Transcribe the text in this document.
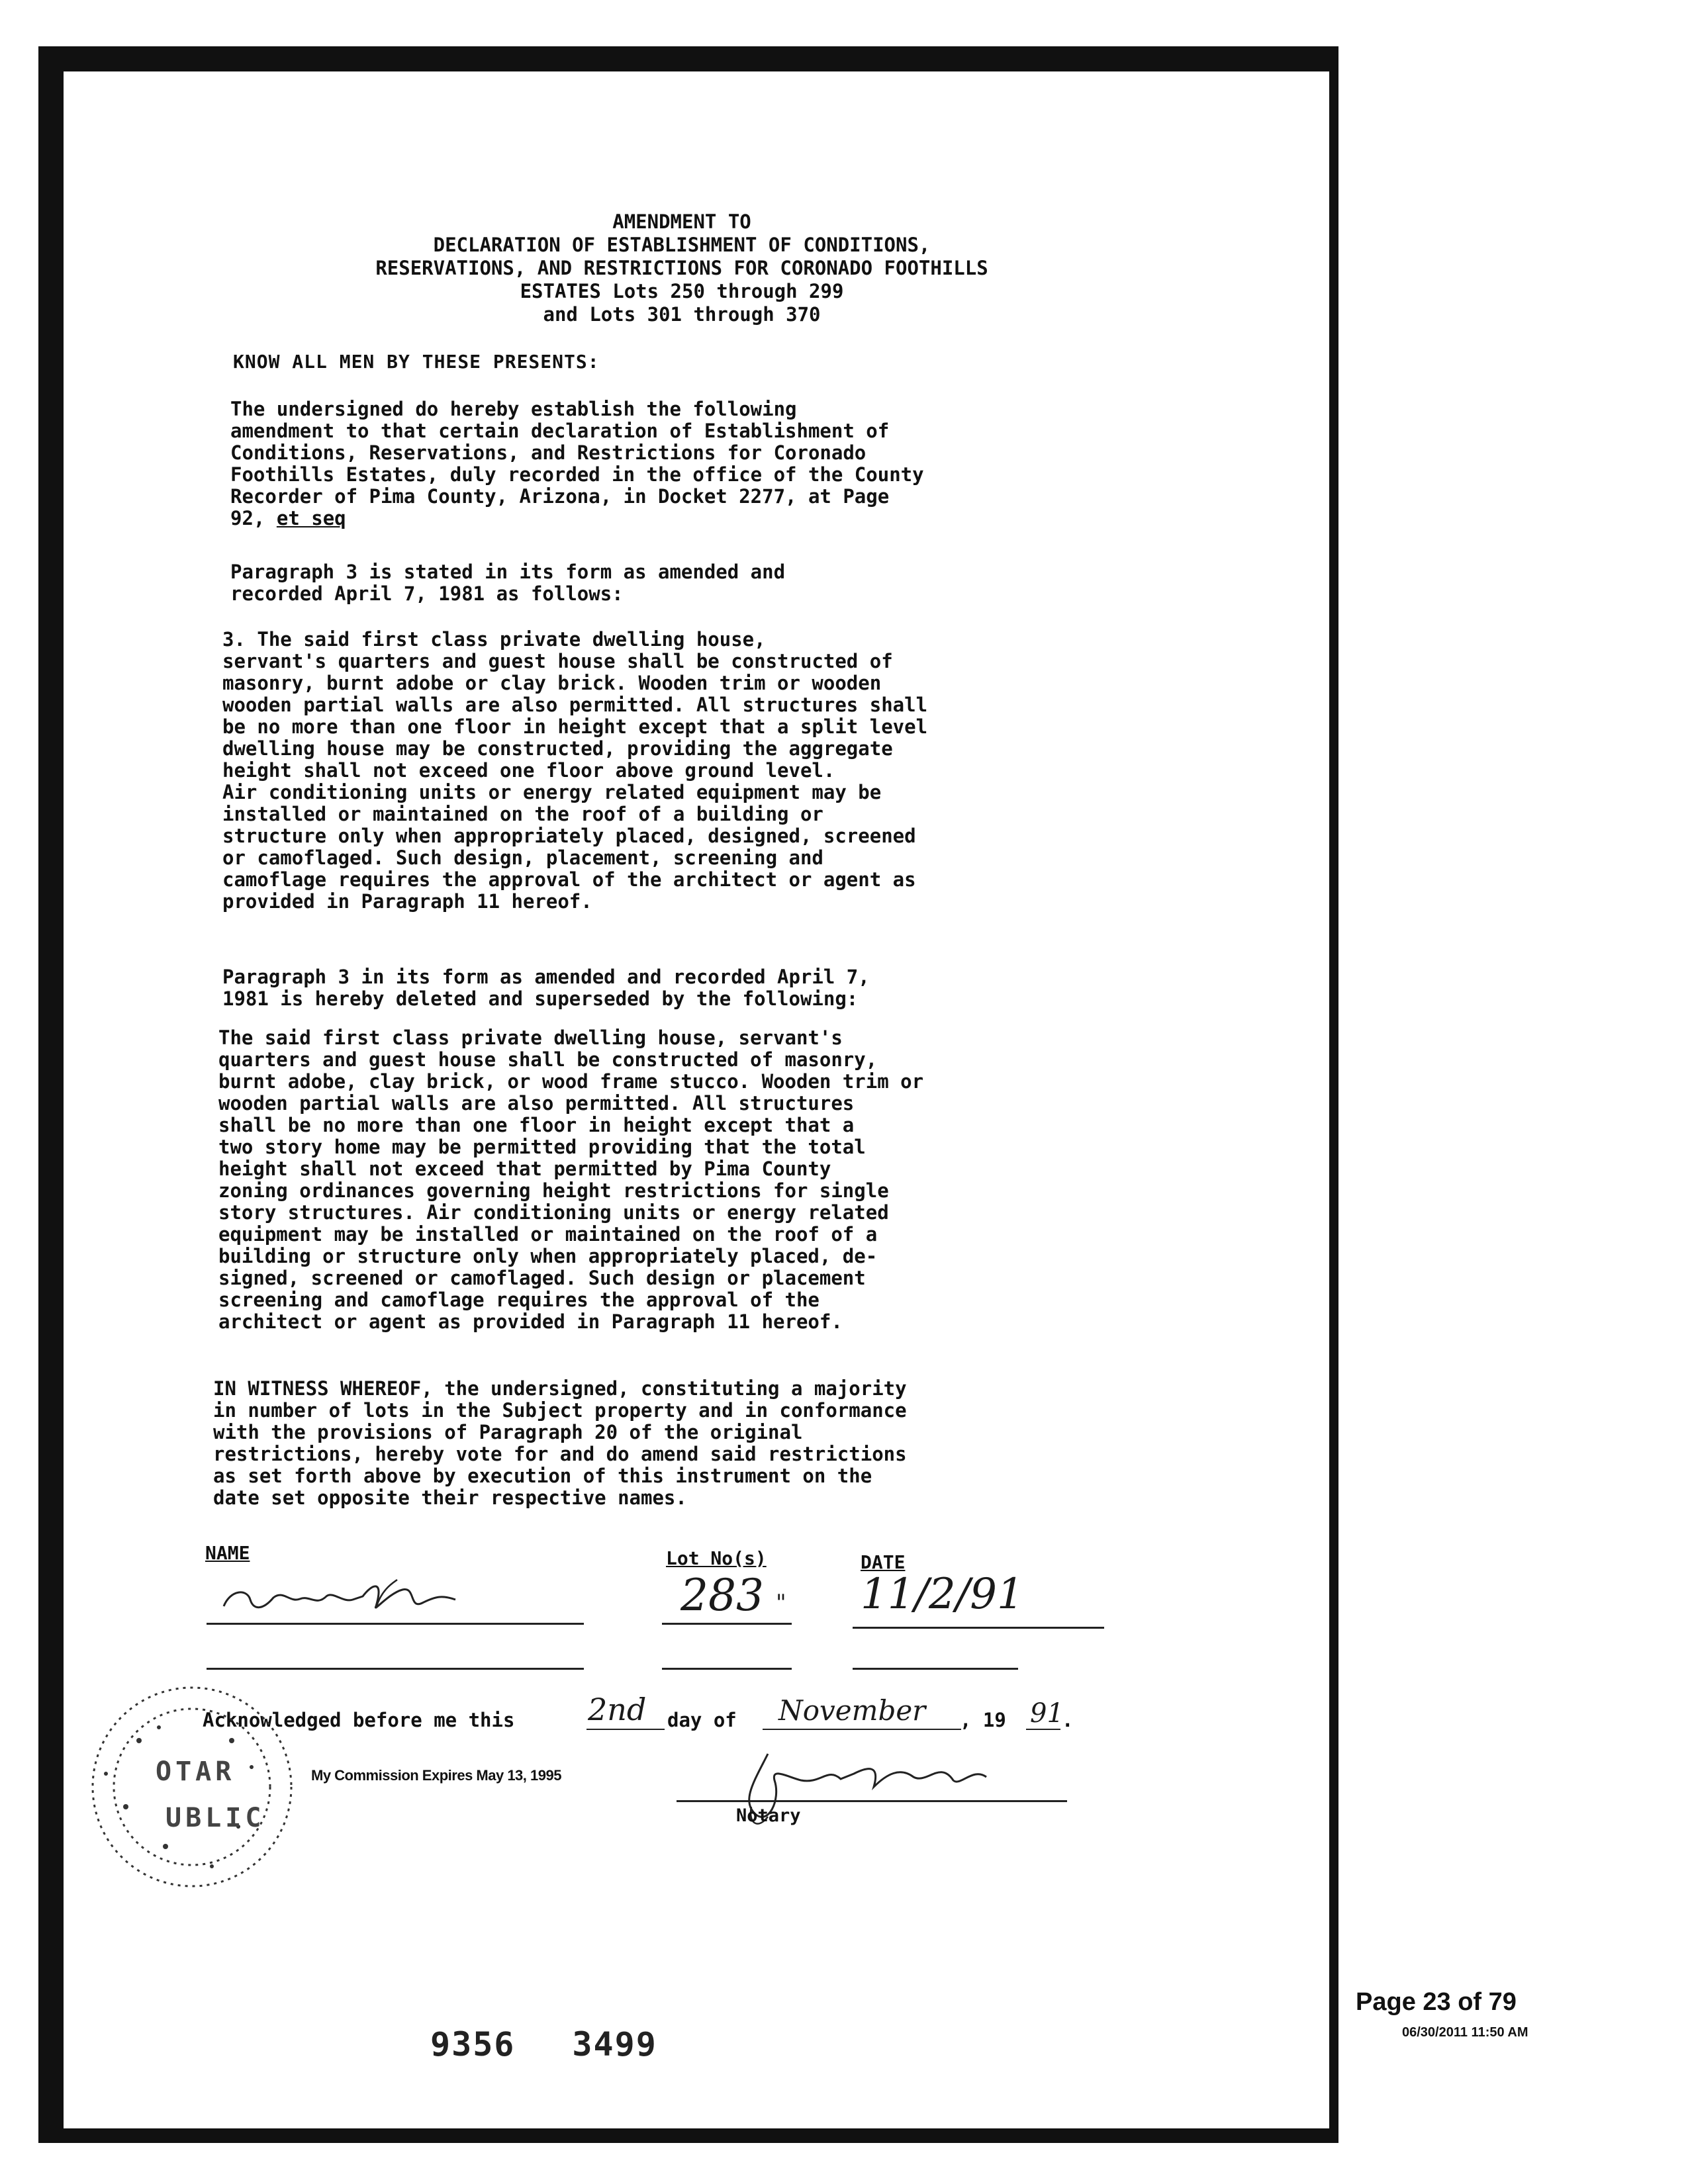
AMENDMENT TO
DECLARATION OF ESTABLISHMENT OF CONDITIONS,
RESERVATIONS, AND RESTRICTIONS FOR CORONADO FOOTHILLS
ESTATES Lots 250 through 299
and Lots 301 through 370
KNOW ALL MEN BY THESE PRESENTS:
The undersigned do hereby establish the following
amendment to that certain declaration of Establishment of
Conditions, Reservations, and Restrictions for Coronado
Foothills Estates, duly recorded in the office of the County
Recorder of Pima County, Arizona, in Docket 2277, at Page
92, et seq
Paragraph 3 is stated in its form as amended and
recorded April 7, 1981 as follows:
3. The said first class private dwelling house,
servant's quarters and guest house shall be constructed of
masonry, burnt adobe or clay brick. Wooden trim or wooden
wooden partial walls are also permitted. All structures shall
be no more than one floor in height except that a split level
dwelling house may be constructed, providing the aggregate
height shall not exceed one floor above ground level.
Air conditioning units or energy related equipment may be
installed or maintained on the roof of a building or
structure only when appropriately placed, designed, screened
or camoflaged. Such design, placement, screening and
camoflage requires the approval of the architect or agent as
provided in Paragraph 11 hereof.
Paragraph 3 in its form as amended and recorded April 7,
1981 is hereby deleted and superseded by the following:
The said first class private dwelling house, servant's
quarters and guest house shall be constructed of masonry,
burnt adobe, clay brick, or wood frame stucco. Wooden trim or
wooden partial walls are also permitted. All structures
shall be no more than one floor in height except that a
two story home may be permitted providing that the total
height shall not exceed that permitted by Pima County
zoning ordinances governing height restrictions for single
story structures. Air conditioning units or energy related
equipment may be installed or maintained on the roof of a
building or structure only when appropriately placed, de-
signed, screened or camoflaged. Such design or placement
screening and camoflage requires the approval of the
architect or agent as provided in Paragraph 11 hereof.
IN WITNESS WHEREOF, the undersigned, constituting a majority
in number of lots in the Subject property and in conformance
with the provisions of Paragraph 20 of the original
restrictions, hereby vote for and do amend said restrictions
as set forth above by execution of this instrument on the
date set opposite their respective names.
NAME	Lot No(s)	DATE
283 " 11/2/91
Acknowledged before me this 2nd day of November , 19 91
.
OTAR
UBLIC
My Commission Expires May 13, 1995
Notary
9356 3499
Page 23 of 79
06/30/2011 11:50 AM
